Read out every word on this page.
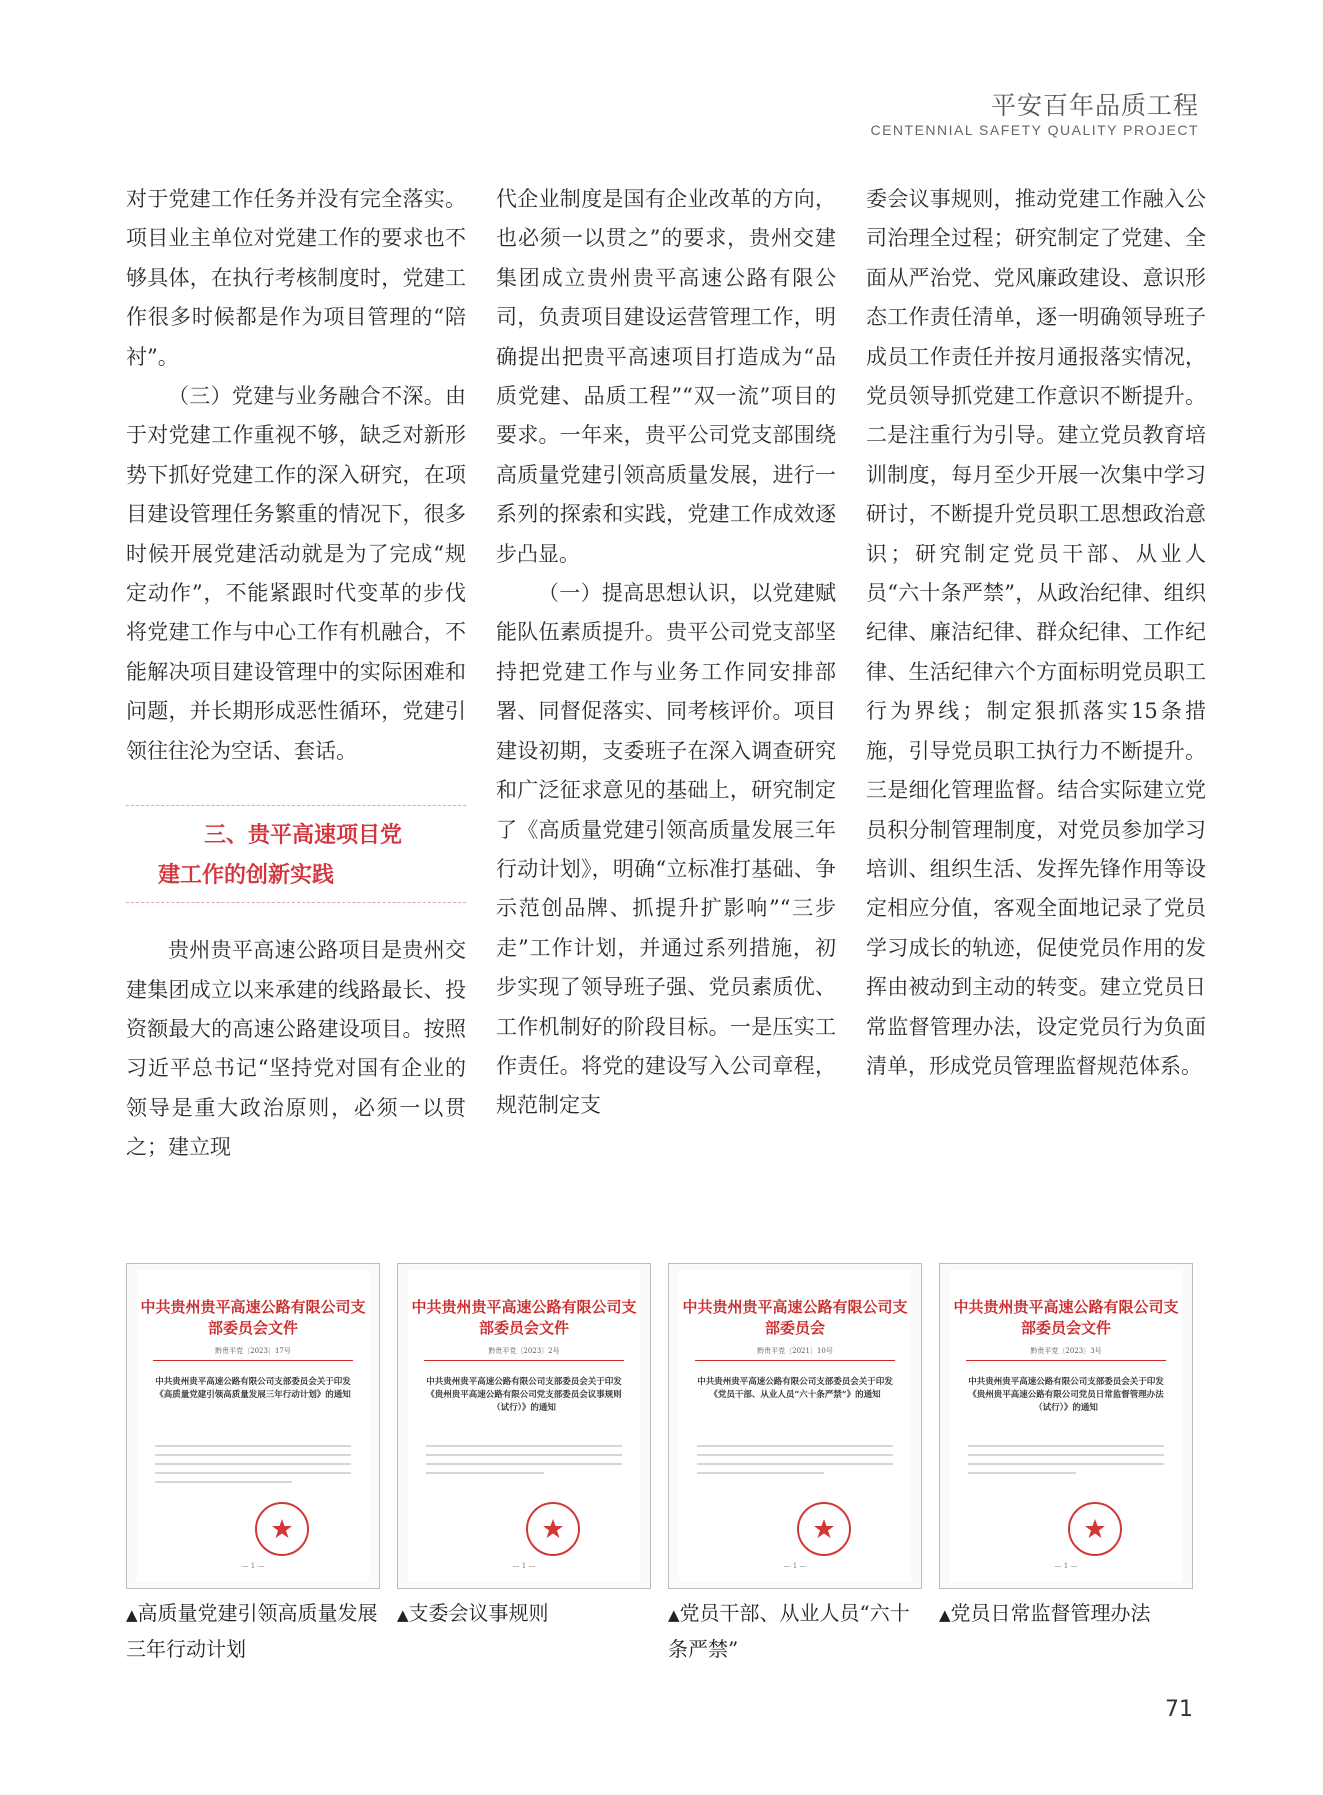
平安百年品质工程
CENTENNIAL SAFETY QUALITY PROJECT

对于党建工作任务并没有完全落实。项目业主单位对党建工作的要求也不够具体，在执行考核制度时，党建工作很多时候都是作为项目管理的“陪衬”。

（三）党建与业务融合不深。由于对党建工作重视不够，缺乏对新形势下抓好党建工作的深入研究，在项目建设管理任务繁重的情况下，很多时候开展党建活动就是为了完成“规定动作”，不能紧跟时代变革的步伐将党建工作与中心工作有机融合，不能解决项目建设管理中的实际困难和问题，并长期形成恶性循环，党建引领往往沦为空话、套话。

三、贵平高速项目党
建工作的创新实践

贵州贵平高速公路项目是贵州交建集团成立以来承建的线路最长、投资额最大的高速公路建设项目。按照习近平总书记“坚持党对国有企业的领导是重大政治原则，必须一以贯之；建立现

代企业制度是国有企业改革的方向，也必须一以贯之”的要求，贵州交建集团成立贵州贵平高速公路有限公司，负责项目建设运营管理工作，明确提出把贵平高速项目打造成为“品质党建、品质工程”“双一流”项目的要求。一年来，贵平公司党支部围绕高质量党建引领高质量发展，进行一系列的探索和实践，党建工作成效逐步凸显。

（一）提高思想认识，以党建赋能队伍素质提升。贵平公司党支部坚持把党建工作与业务工作同安排部署、同督促落实、同考核评价。项目建设初期，支委班子在深入调查研究和广泛征求意见的基础上，研究制定了《高质量党建引领高质量发展三年行动计划》，明确“立标准打基础、争示范创品牌、抓提升扩影响”“三步走”工作计划，并通过系列措施，初步实现了领导班子强、党员素质优、工作机制好的阶段目标。一是压实工作责任。将党的建设写入公司章程，规范制定支

委会议事规则，推动党建工作融入公司治理全过程；研究制定了党建、全面从严治党、党风廉政建设、意识形态工作责任清单，逐一明确领导班子成员工作责任并按月通报落实情况，党员领导抓党建工作意识不断提升。二是注重行为引导。建立党员教育培训制度，每月至少开展一次集中学习研讨，不断提升党员职工思想政治意识；研究制定党员干部、从业人员“六十条严禁”，从政治纪律、组织纪律、廉洁纪律、群众纪律、工作纪律、生活纪律六个方面标明党员职工行为界线；制定狠抓落实15条措施，引导党员职工执行力不断提升。三是细化管理监督。结合实际建立党员积分制管理制度，对党员参加学习培训、组织生活、发挥先锋作用等设定相应分值，客观全面地记录了党员学习成长的轨迹，促使党员作用的发挥由被动到主动的转变。建立党员日常监督管理办法，设定党员行为负面清单，形成党员管理监督规范体系。

中共贵州贵平高速公路有限公司支部委员会文件
黔贵平党〔2023〕17号
中共贵州贵平高速公路有限公司支部委员会关于印发《高质量党建引领高质量发展三年行动计划》的通知
— 1 —
中共贵州贵平高速公路有限公司支部委员会文件
黔贵平党〔2023〕2号
中共贵州贵平高速公路有限公司支部委员会关于印发《贵州贵平高速公路有限公司党支部委员会议事规则（试行）》的通知
— 1 —
中共贵州贵平高速公路有限公司支部委员会
黔贵平党〔2021〕10号
中共贵州贵平高速公路有限公司支部委员会关于印发《党员干部、从业人员“六十条严禁”》的通知
— 1 —
中共贵州贵平高速公路有限公司支部委员会文件
黔贵平党〔2023〕3号
中共贵州贵平高速公路有限公司支部委员会关于印发《贵州贵平高速公路有限公司党员日常监督管理办法（试行）》的通知
— 1 —
▲高质量党建引领高质量发展三年行动计划
▲支委会议事规则	▲党员干部、从业人员“六十条严禁”
▲党员日常监督管理办法
71
